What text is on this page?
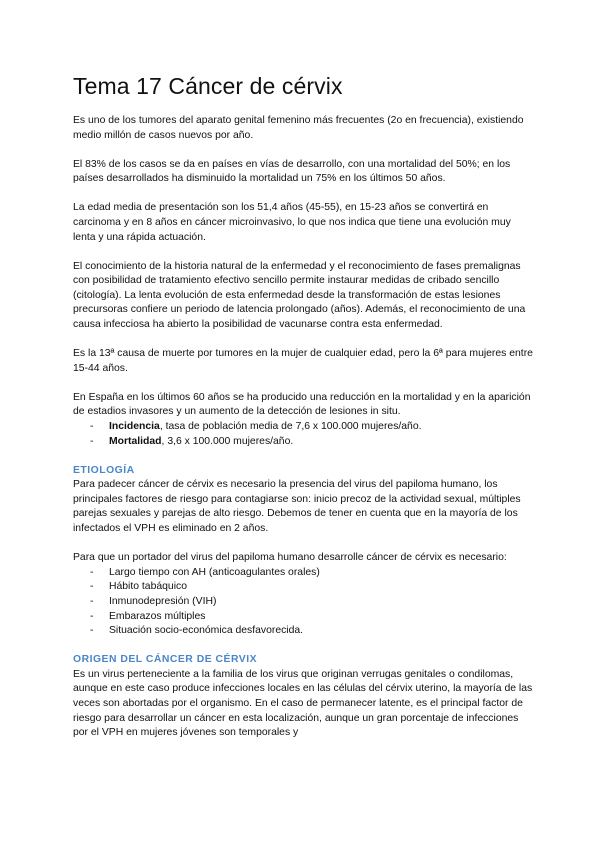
Tema 17 Cáncer de cérvix

Es uno de los tumores del aparato genital femenino más frecuentes (2o en frecuencia), existiendo medio millón de casos nuevos por año.

El 83% de los casos se da en países en vías de desarrollo, con una mortalidad del 50%; en los países desarrollados ha disminuido la mortalidad un 75% en los últimos 50 años.

La edad media de presentación son los 51,4 años (45-55), en 15-23 años se convertirá en carcinoma y en 8 años en cáncer microinvasivo, lo que nos indica que tiene una evolución muy lenta y una rápida actuación.

El conocimiento de la historia natural de la enfermedad y el reconocimiento de fases premalignas con posibilidad de tratamiento efectivo sencillo permite instaurar medidas de cribado sencillo (citología). La lenta evolución de esta enfermedad desde la transformación de estas lesiones precursoras confiere un periodo de latencia prolongado (años). Además, el reconocimiento de una causa infecciosa ha abierto la posibilidad de vacunarse contra esta enfermedad.

Es la 13ª causa de muerte por tumores en la mujer de cualquier edad, pero la 6ª para mujeres entre 15-44 años.

En España en los últimos 60 años se ha producido una reducción en la mortalidad y en la aparición de estadios invasores y un aumento de la detección de lesiones in situ.

- Incidencia, tasa de población media de 7,6 x 100.000 mujeres/año.
- Mortalidad, 3,6 x 100.000 mujeres/año.
ETIOLOGÍA

Para padecer cáncer de cérvix es necesario la presencia del virus del papiloma humano, los principales factores de riesgo para contagiarse son: inicio precoz de la actividad sexual, múltiples parejas sexuales y parejas de alto riesgo. Debemos de tener en cuenta que en la mayoría de los infectados el VPH es eliminado en 2 años.

Para que un portador del virus del papiloma humano desarrolle cáncer de cérvix es necesario:

- Largo tiempo con AH (anticoagulantes orales)
- Hábito tabáquico
- Inmunodepresión (VIH)
- Embarazos múltiples
- Situación socio-económica desfavorecida.
ORIGEN DEL CÁNCER DE CÉRVIX

Es un virus perteneciente a la familia de los virus que originan verrugas genitales o condilomas, aunque en este caso produce infecciones locales en las células del cérvix uterino, la mayoría de las veces son abortadas por el organismo. En el caso de permanecer latente, es el principal factor de riesgo para desarrollar un cáncer en esta localización, aunque un gran porcentaje de infecciones por el VPH en mujeres jóvenes son temporales y
